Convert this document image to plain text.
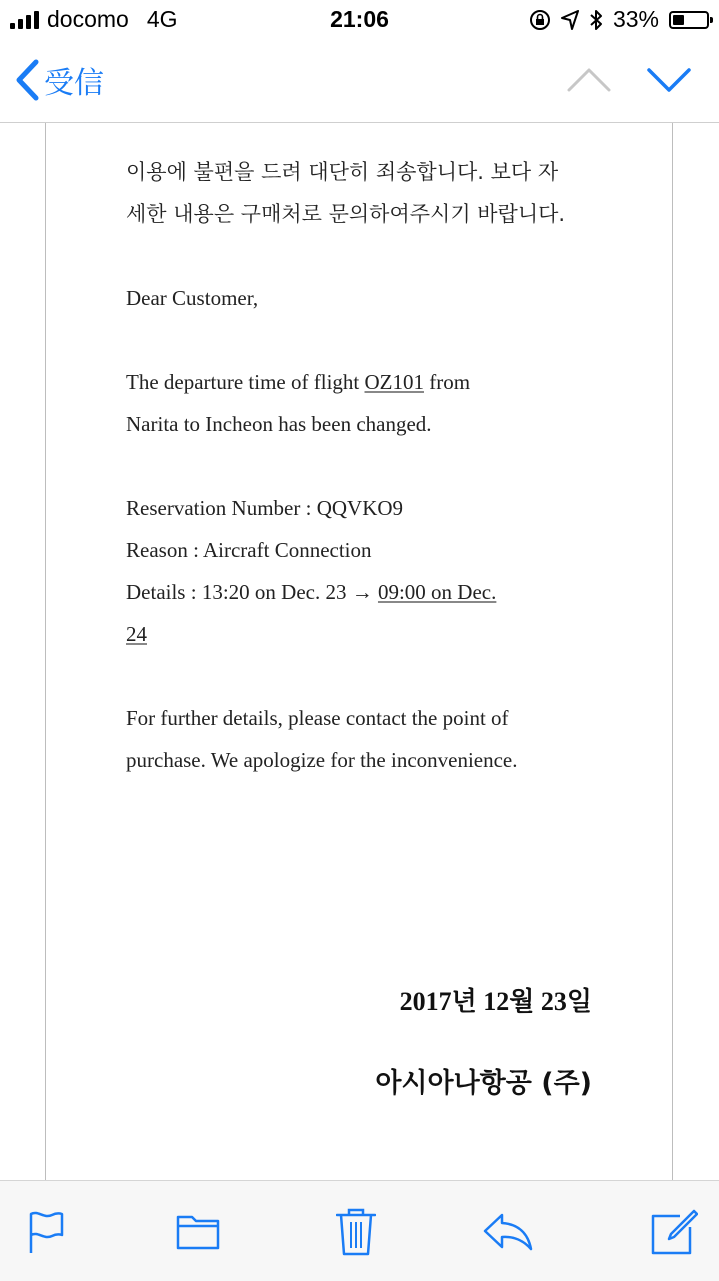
docomo 4G	21:06	33%
受信
이용에 불편을 드려 대단히 죄송합니다. 보다 자
세한 내용은 구매처로 문의하여주시기 바랍니다.
Dear Customer,
The departure time of flight OZ101 from
Narita to Incheon has been changed.
Reservation Number : QQVKO9
Reason : Aircraft Connection
Details : 13:20 on Dec. 23 → 09:00 on Dec.
24
For further details, please contact the point of
purchase. We apologize for the inconvenience.
2017년 12월 23일
아시아나항공 (주)
